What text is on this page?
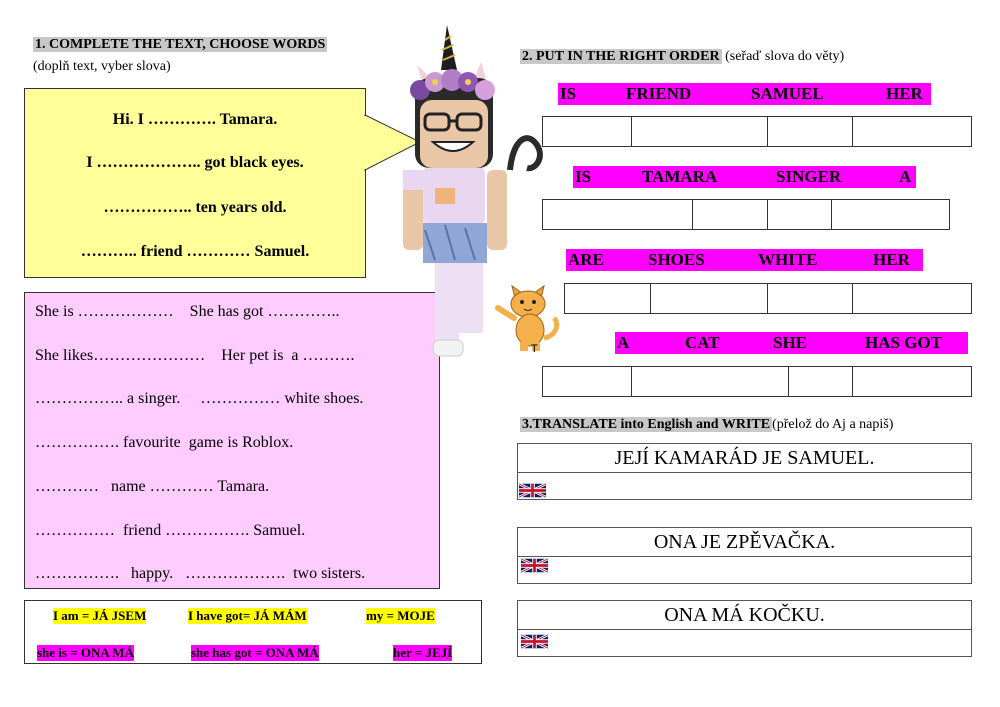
1. COMPLETE THE TEXT, CHOOSE WORDS
(doplň text, vyber slova)
Hi. I …………. Tamara.
I ……………….. got black eyes.
…………….. ten years old.
……….. friend ………… Samuel.
She is ………………    She has got …………..
She likes…………………    Her pet is  a ……….
…………….. a singer.     …………… white shoes.
……………. favourite  game is Roblox.
…………   name ………… Tamara.
……………  friend ……………. Samuel.
…………….   happy.   ……………….  two sisters.
I am = JÁ JSEM	I have got= JÁ MÁM	my = MOJE
she is = ONA MÁ	she has got = ONA MÁ	her = JEJÍ
T
2. PUT IN THE RIGHT ORDER (seřaď slova do věty)
IS	FRIEND	SAMUEL	HER
IS	TAMARA	SINGER	A
ARE	SHOES	WHITE	HER
A	CAT	SHE	HAS GOT
3.TRANSLATE into English and WRITE (přelož do Aj a napiš)
JEJÍ KAMARÁD JE SAMUEL.
ONA JE ZPĚVAČKA.
ONA MÁ KOČKU.
